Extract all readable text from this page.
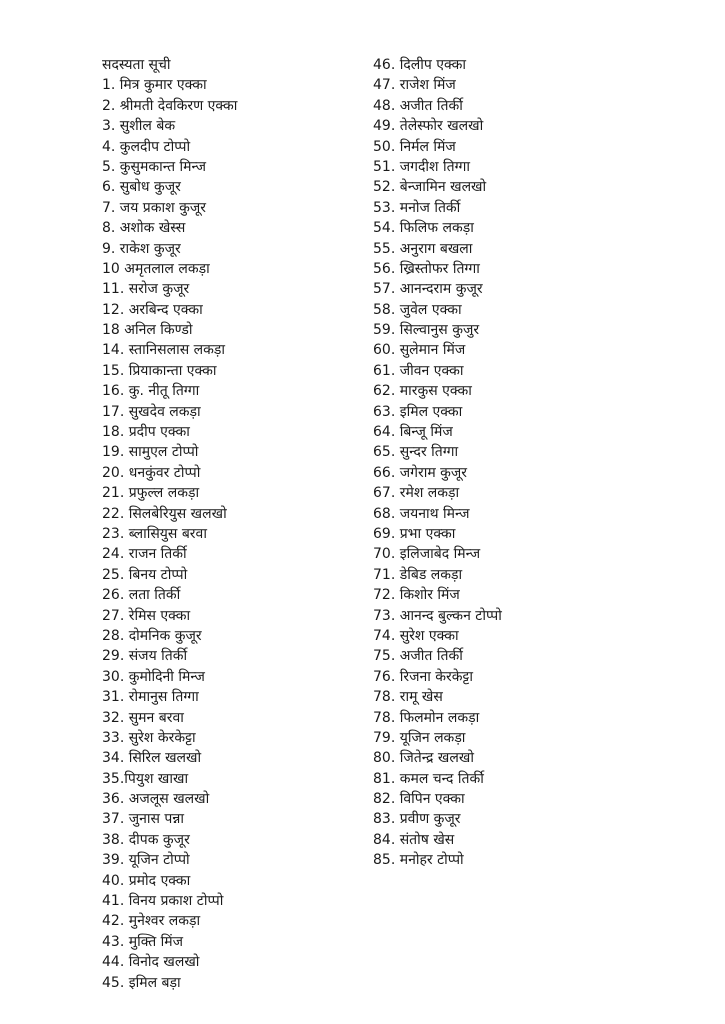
सदस्यता सूची
1. मित्र कुमार एक्का
2. श्रीमती देवकिरण एक्का
3. सुशील बेक
4. कुलदीप टोप्पो
5. कुसुमकान्त मिन्ज
6. सुबोध कुजूर
7. जय प्रकाश कुजूर
8. अशोक खेस्स
9. राकेश कुजूर
10 अमृतलाल लकड़ा
11. सरोज कुजूर
12. अरबिन्द एक्का
18 अनिल किण्डो
14. स्तानिसलास लकड़ा
15. प्रियाकान्ता एक्का
16. कु. नीतू तिग्गा
17. सुखदेव लकड़ा
18. प्रदीप एक्का
19. सामुएल टोप्पो
20. धनकुंवर टोप्पो
21. प्रफुल्ल लकड़ा
22. सिलबेरियुस खलखो
23. ब्लासियुस बरवा
24. राजन तिर्की
25. बिनय टोप्पो
26. लता तिर्की
27. रेमिस एक्का
28. दोमनिक कुजूर
29. संजय तिर्की
30. कुमोदिनी मिन्ज
31. रोमानुस तिग्गा
32. सुमन बरवा
33. सुरेश केरकेट्टा
34. सिरिल खलखो
35.पियुश खाखा
36. अजलूस खलखो
37. जुनास पन्ना
38. दीपक कुजूर
39. यूजिन टोप्पो
40. प्रमोद एक्का
41. विनय प्रकाश टोप्पो
42. मुनेश्वर लकड़ा
43. मुक्ति मिंज
44. विनोद खलखो
45. इमिल बड़ा
46. दिलीप एक्का
47. राजेश मिंज
48. अजीत तिर्की
49. तेलेस्फोर खलखो
50. निर्मल मिंज
51. जगदीश तिग्गा
52. बेन्जामिन खलखो
53. मनोज तिर्की
54. फिलिफ लकड़ा
55. अनुराग बखला
56. ख्रिस्तोफर तिग्गा
57. आनन्दराम कुजूर
58. जुवेल एक्का
59. सिल्वानुस कुजुर
60. सुलेमान मिंज
61. जीवन एक्का
62. मारकुस एक्का
63. इमिल एक्का
64. बिन्जू मिंज
65. सुन्दर तिग्गा
66. जगेराम कुजूर
67. रमेश लकड़ा
68. जयनाथ मिन्ज
69. प्रभा एक्का
70. इलिजाबेद मिन्ज
71. डेबिड लकड़ा
72. किशोर मिंज
73. आनन्द बुल्कन टोप्पो
74. सुरेश एक्का
75. अजीत तिर्की
76. रिजना केरकेट्टा
78. रामू खेस
78. फिलमोन लकड़ा
79. यूजिन लकड़ा
80. जितेन्द्र खलखो
81. कमल चन्द तिर्की
82. विपिन एक्का
83. प्रवीण कुजूर
84. संतोष खेस
85. मनोहर टोप्पो
